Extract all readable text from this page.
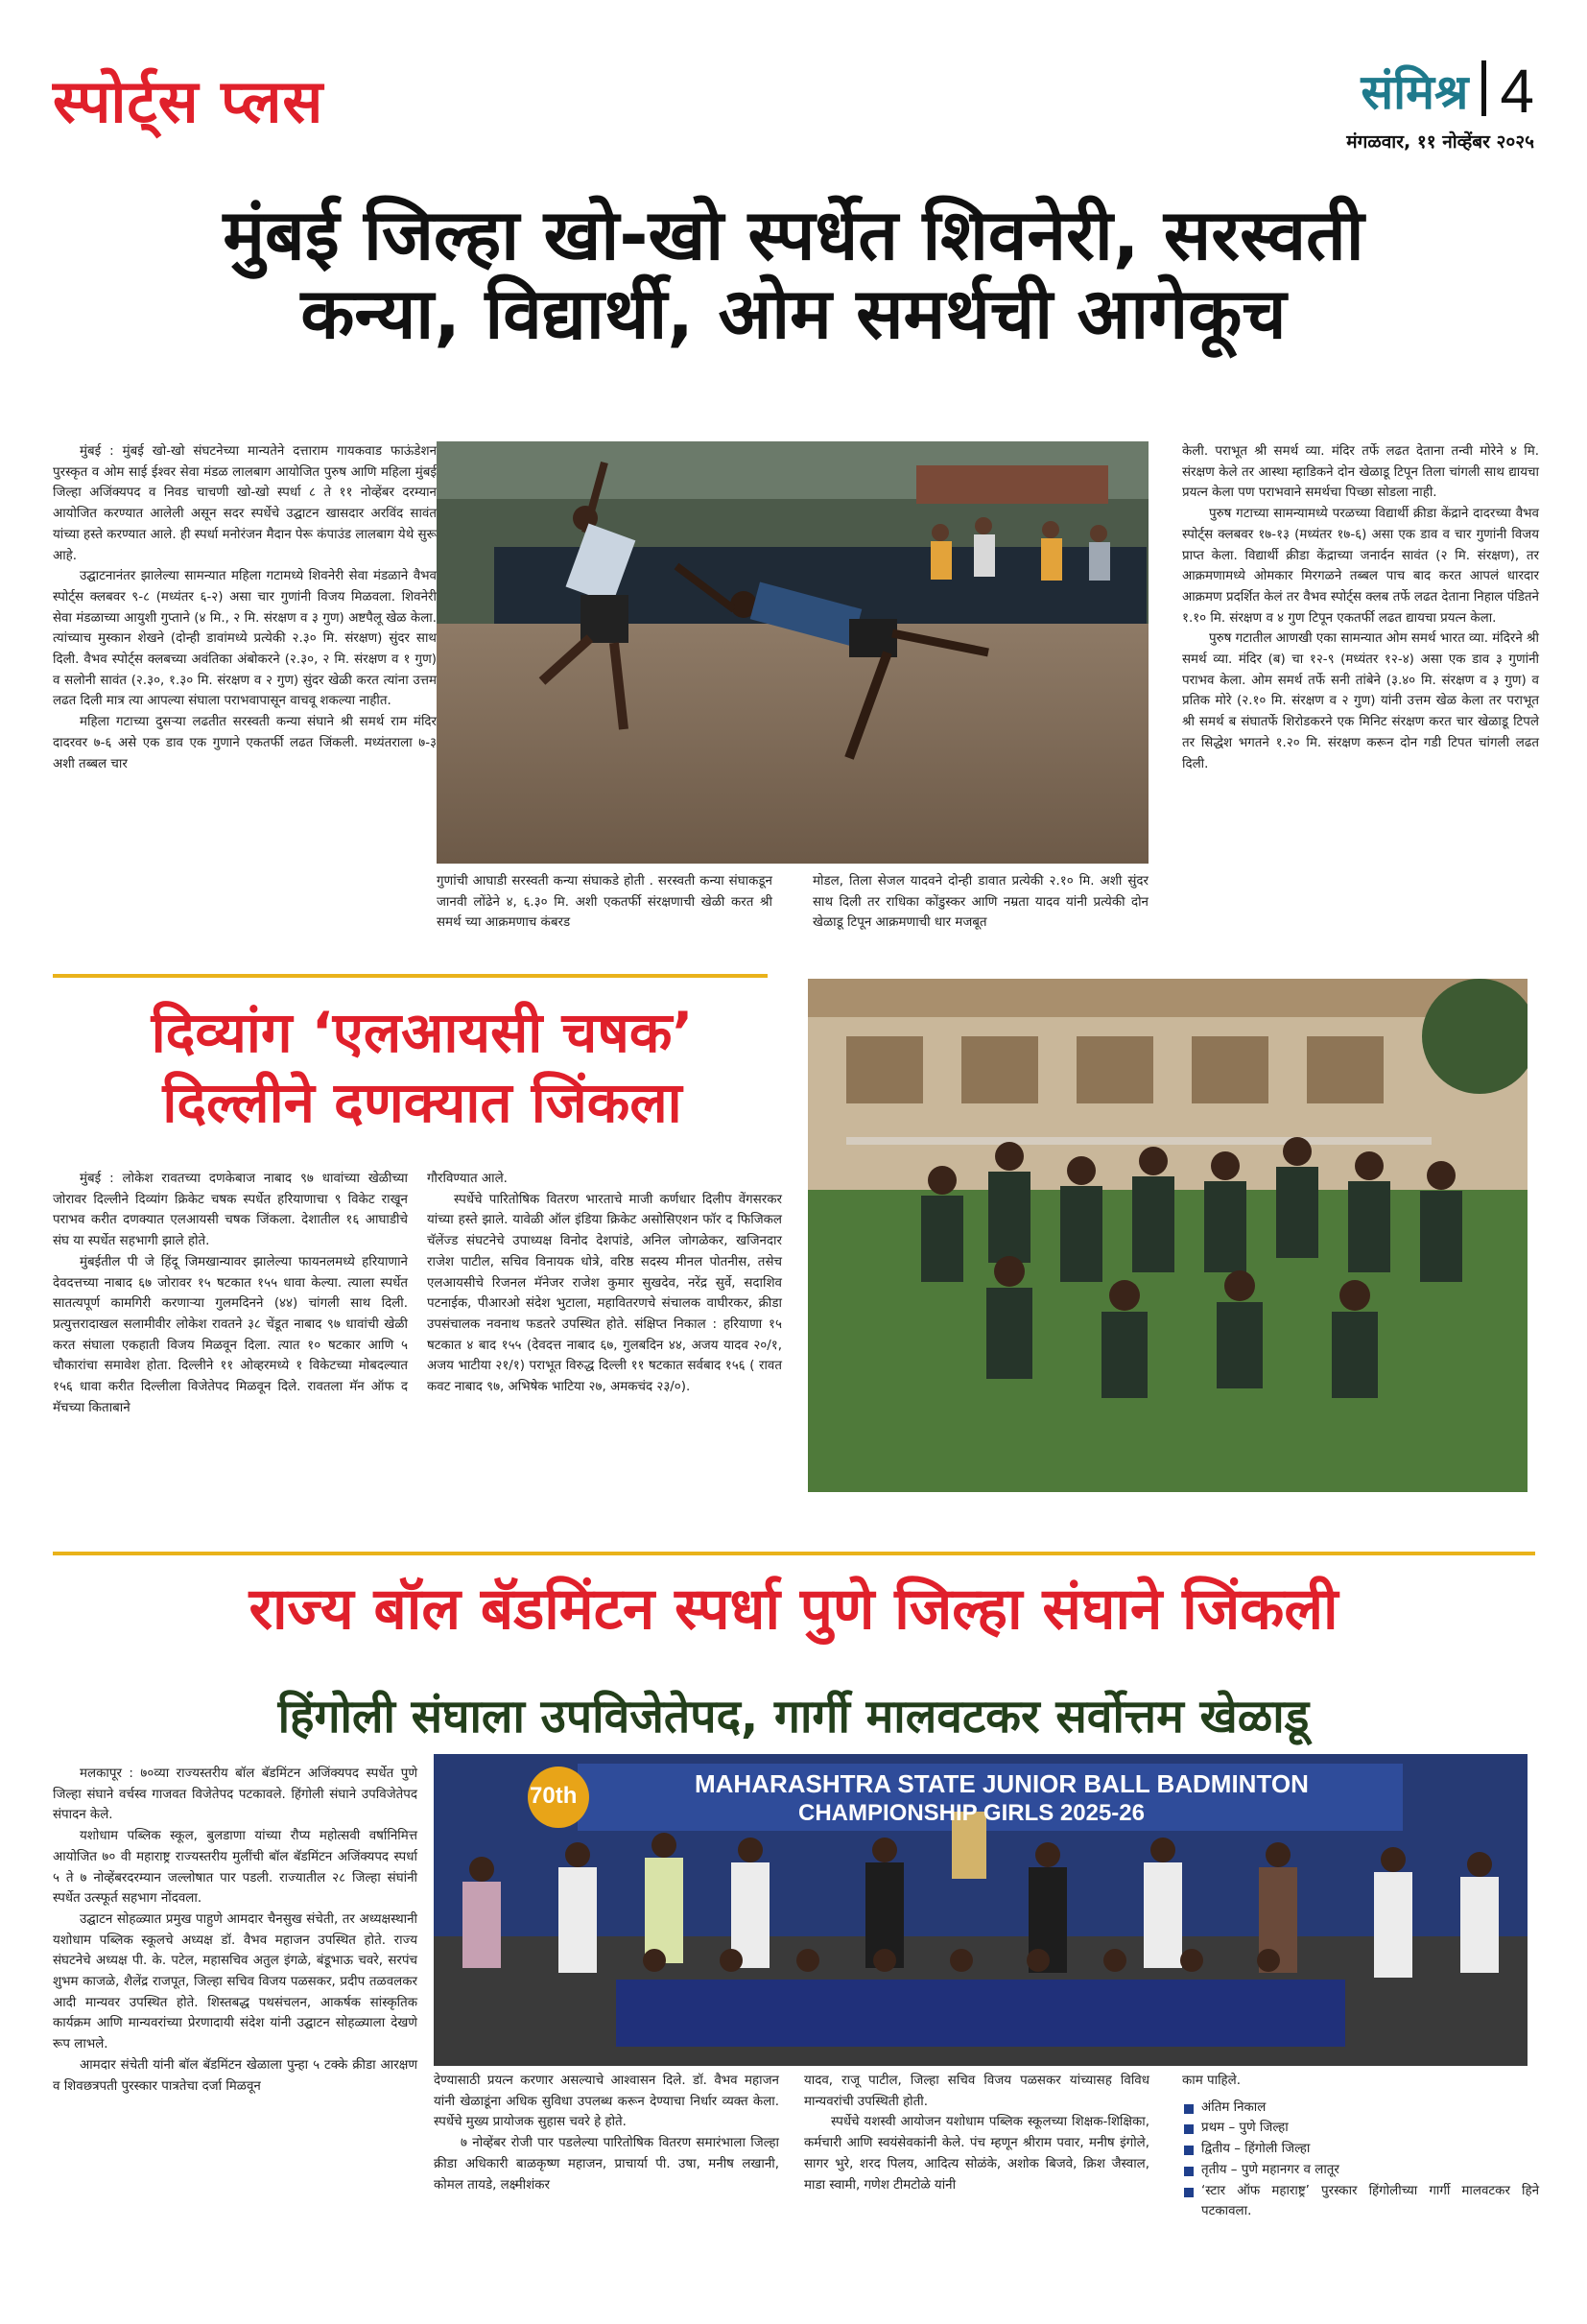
स्पोर्ट्स प्लस	संमिश्र 4
मंगळवार, ११ नोव्हेंबर २०२५
मुंबई जिल्हा खो-खो स्पर्धेत शिवनेरी, सरस्वती
कन्या, विद्यार्थी, ओम समर्थची आगेकूच

मुंबई : मुंबई खो-खो संघटनेच्या मान्यतेने दत्ताराम गायकवाड फाऊंडेशन पुरस्कृत व ओम साई ईश्वर सेवा मंडळ लालबाग आयोजित पुरुष आणि महिला मुंबई जिल्हा अजिंक्यपद व निवड चाचणी खो-खो स्पर्धा ८ ते ११ नोव्हेंबर दरम्यान आयोजित करण्यात आलेली असून सदर स्पर्धेचे उद्घाटन खासदार अरविंद सावंत यांच्या हस्ते करण्यात आले. ही स्पर्धा मनोरंजन मैदान पेरू कंपाउंड लालबाग येथे सुरू आहे.

उद्घाटनानंतर झालेल्या सामन्यात महिला गटामध्ये शिवनेरी सेवा मंडळाने वैभव स्पोर्ट्स क्लबवर ९-८ (मध्यंतर ६-२) असा चार गुणांनी विजय मिळवला. शिवनेरी सेवा मंडळाच्या आयुशी गुप्ताने (४ मि., २ मि. संरक्षण व ३ गुण) अष्टपैलू खेळ केला. त्यांच्याच मुस्कान शेखने (दोन्ही डावांमध्ये प्रत्येकी २.३० मि. संरक्षण) सुंदर साथ दिली. वैभव स्पोर्ट्स क्लबच्या अवंतिका अंबोकरने (२.३०, २ मि. संरक्षण व १ गुण) व सलोनी सावंत (२.३०, १.३० मि. संरक्षण व २ गुण) सुंदर खेळी करत त्यांना उत्तम लढत दिली मात्र त्या आपल्या संघाला पराभवापासून वाचवू शकल्या नाहीत.

महिला गटाच्या दुसऱ्या लढतीत सरस्वती कन्या संघाने श्री समर्थ राम मंदिर दादरवर ७-६ असे एक डाव एक गुणाने एकतर्फी लढत जिंकली. मध्यंतराला ७-३ अशी तब्बल चार

गुणांची आघाडी सरस्वती कन्या संघाकडे होती . सरस्वती कन्या संघाकडून जानवी लोंढेने ४, ६.३० मि. अशी एकतर्फी संरक्षणाची खेळी करत श्री समर्थ च्या आक्रमणाच कंबरड

मोडल, तिला सेजल यादवने दोन्ही डावात प्रत्येकी २.१० मि. अशी सुंदर साथ दिली तर राधिका कोंडुस्कर आणि नम्रता यादव यांनी प्रत्येकी दोन खेळाडू टिपून आक्रमणाची धार मजबूत

केली. पराभूत श्री समर्थ व्या. मंदिर तर्फे लढत देताना तन्वी मोरेने ४ मि. संरक्षण केले तर आस्था म्हाडिकने दोन खेळाडू टिपून तिला चांगली साथ द्यायचा प्रयत्न केला पण पराभवाने समर्थचा पिच्छा सोडला नाही.

पुरुष गटाच्या सामन्यामध्ये परळच्या विद्यार्थी क्रीडा केंद्राने दादरच्या वैभव स्पोर्ट्स क्लबवर १७-१३ (मध्यंतर १७-६) असा एक डाव व चार गुणांनी विजय प्राप्त केला. विद्यार्थी क्रीडा केंद्राच्या जनार्दन सावंत (२ मि. संरक्षण), तर आक्रमणामध्ये ओमकार मिरगळने तब्बल पाच बाद करत आपलं धारदार आक्रमण प्रदर्शित केलं तर वैभव स्पोर्ट्स क्लब तर्फे लढत देताना निहाल पंडितने १.१० मि. संरक्षण व ४ गुण टिपून एकतर्फी लढत द्यायचा प्रयत्न केला.

पुरुष गटातील आणखी एका सामन्यात ओम समर्थ भारत व्या. मंदिरने श्री समर्थ व्या. मंदिर (ब) चा १२-९ (मध्यंतर १२-४) असा एक डाव ३ गुणांनी पराभव केला. ओम समर्थ तर्फे सनी तांबेने (३.४० मि. संरक्षण व ३ गुण) व प्रतिक मोरे (२.१० मि. संरक्षण व २ गुण) यांनी उत्तम खेळ केला तर पराभूत श्री समर्थ ब संघातर्फे शिरोडकरने एक मिनिट संरक्षण करत चार खेळाडू टिपले तर सिद्धेश भगतने १.२० मि. संरक्षण करून दोन गडी टिपत चांगली लढत दिली.

दिव्यांग ‘एलआयसी चषक’
दिल्लीने दणक्यात जिंकला

मुंबई : लोकेश रावतच्या दणकेबाज नाबाद ९७ धावांच्या खेळीच्या जोरावर दिल्लीने दिव्यांग क्रिकेट चषक स्पर्धेत हरियाणाचा ९ विकेट राखून पराभव करीत दणक्यात एलआयसी चषक जिंकला. देशातील १६ आघाडीचे संघ या स्पर्धेत सहभागी झाले होते.

मुंबईतील पी जे हिंदू जिमखान्यावर झालेल्या फायनलमध्ये हरियाणाने देवदत्तच्या नाबाद ६७ जोरावर १५ षटकात १५५ धावा केल्या. त्याला स्पर्धेत सातत्यपूर्ण कामगिरी करणाऱ्या गुलमदिनने (४४) चांगली साथ दिली. प्रत्युत्तरादाखल सलामीवीर लोकेश रावतने ३८ चेंडूत नाबाद ९७ धावांची खेळी करत संघाला एकहाती विजय मिळवून दिला. त्यात १० षटकार आणि ५ चौकारांचा समावेश होता. दिल्लीने ११ ओव्हरमध्ये १ विकेटच्या मोबदल्यात १५६ धावा करीत दिल्लीला विजेतेपद मिळवून दिले. रावतला मॅन ऑफ द मॅचच्या किताबाने

गौरविण्यात आले.

स्पर्धेचे पारितोषिक वितरण भारताचे माजी कर्णधार दिलीप वेंगसरकर यांच्या हस्ते झाले. यावेळी ऑल इंडिया क्रिकेट असोसिएशन फॉर द फिजिकल चॅलेंज्ड संघटनेचे उपाध्यक्ष विनोद देशपांडे, अनिल जोगळेकर, खजिनदार राजेश पाटील, सचिव विनायक धोत्रे, वरिष्ठ सदस्य मीनल पोतनीस, तसेच एलआयसीचे रिजनल मॅनेजर राजेश कुमार सुखदेव, नरेंद्र सुर्वे, सदाशिव पटनाईक, पीआरओ संदेश भुटाला, महावितरणचे संचालक वाघीरकर, क्रीडा उपसंचालक नवनाथ फडतरे उपस्थित होते. संक्षिप्त निकाल : हरियाणा १५ षटकात ४ बाद १५५ (देवदत्त नाबाद ६७, गुलबदिन ४४, अजय यादव २०/१, अजय भाटीया २१/१) पराभूत विरुद्ध दिल्ली ११ षटकात सर्वबाद १५६ ( रावत कवट नाबाद ९७, अभिषेक भाटिया २७, अमकचंद २३/०).

राज्य बॉल बॅडमिंटन स्पर्धा पुणे जिल्हा संघाने जिंकली
हिंगोली संघाला उपविजेतेपद, गार्गी मालवटकर सर्वोत्तम खेळाडू

मलकापूर : ७०व्या राज्यस्तरीय बॉल बॅडमिंटन अजिंक्यपद स्पर्धेत पुणे जिल्हा संघाने वर्चस्व गाजवत विजेतेपद पटकावले. हिंगोली संघाने उपविजेतेपद संपादन केले.

यशोधाम पब्लिक स्कूल, बुलडाणा यांच्या रौप्य महोत्सवी वर्षानिमित्त आयोजित ७० वी महाराष्ट्र राज्यस्तरीय मुलींची बॉल बॅडमिंटन अजिंक्यपद स्पर्धा ५ ते ७ नोव्हेंबरदरम्यान जल्लोषात पार पडली. राज्यातील २८ जिल्हा संघांनी स्पर्धेत उत्स्फूर्त सहभाग नोंदवला.

उद्घाटन सोहळ्यात प्रमुख पाहुणे आमदार चैनसुख संचेती, तर अध्यक्षस्थानी यशोधाम पब्लिक स्कूलचे अध्यक्ष डॉ. वैभव महाजन उपस्थित होते. राज्य संघटनेचे अध्यक्ष पी. के. पटेल, महासचिव अतुल इंगळे, बंडूभाऊ चवरे, सरपंच शुभम काजळे, शैलेंद्र राजपूत, जिल्हा सचिव विजय पळसकर, प्रदीप तळवलकर आदी मान्यवर उपस्थित होते. शिस्तबद्ध पथसंचलन, आकर्षक सांस्कृतिक कार्यक्रम आणि मान्यवरांच्या प्रेरणादायी संदेश यांनी उद्घाटन सोहळ्याला देखणे रूप लाभले.

आमदार संचेती यांनी बॉल बॅडमिंटन खेळाला पुन्हा ५ टक्के क्रीडा आरक्षण व शिवछत्रपती पुरस्कार पात्रतेचा दर्जा मिळवून

MAHARASHTRA STATE JUNIOR BALL BADMINTON
CHAMPIONSHIP GIRLS 2025-26
70th

देण्यासाठी प्रयत्न करणार असल्याचे आश्वासन दिले. डॉ. वैभव महाजन यांनी खेळाडूंना अधिक सुविधा उपलब्ध करून देण्याचा निर्धार व्यक्त केला. स्पर्धेचे मुख्य प्रायोजक सुहास चवरे हे होते.

७ नोव्हेंबर रोजी पार पडलेल्या पारितोषिक वितरण समारंभाला जिल्हा क्रीडा अधिकारी बाळकृष्ण महाजन, प्राचार्या पी. उषा, मनीष लखानी, कोमल तायडे, लक्ष्मीशंकर

यादव, राजू पाटील, जिल्हा सचिव विजय पळसकर यांच्यासह विविध मान्यवरांची उपस्थिती होती.

स्पर्धेचे यशस्वी आयोजन यशोधाम पब्लिक स्कूलच्या शिक्षक-शिक्षिका, कर्मचारी आणि स्वयंसेवकांनी केले. पंच म्हणून श्रीराम पवार, मनीष इंगोले, सागर भुरे, शरद पिलय, आदित्य सोळंके, अशोक बिजवे, क्रिश जैस्वाल, माडा स्वामी, गणेश टीमटोळे यांनी

काम पाहिले.

अंतिम निकाल
प्रथम – पुणे जिल्हा
द्वितीय – हिंगोली जिल्हा
तृतीय – पुणे महानगर व लातूर
‘स्टार ऑफ महाराष्ट्र’ पुरस्कार हिंगोलीच्या गार्गी मालवटकर हिने पटकावला.
